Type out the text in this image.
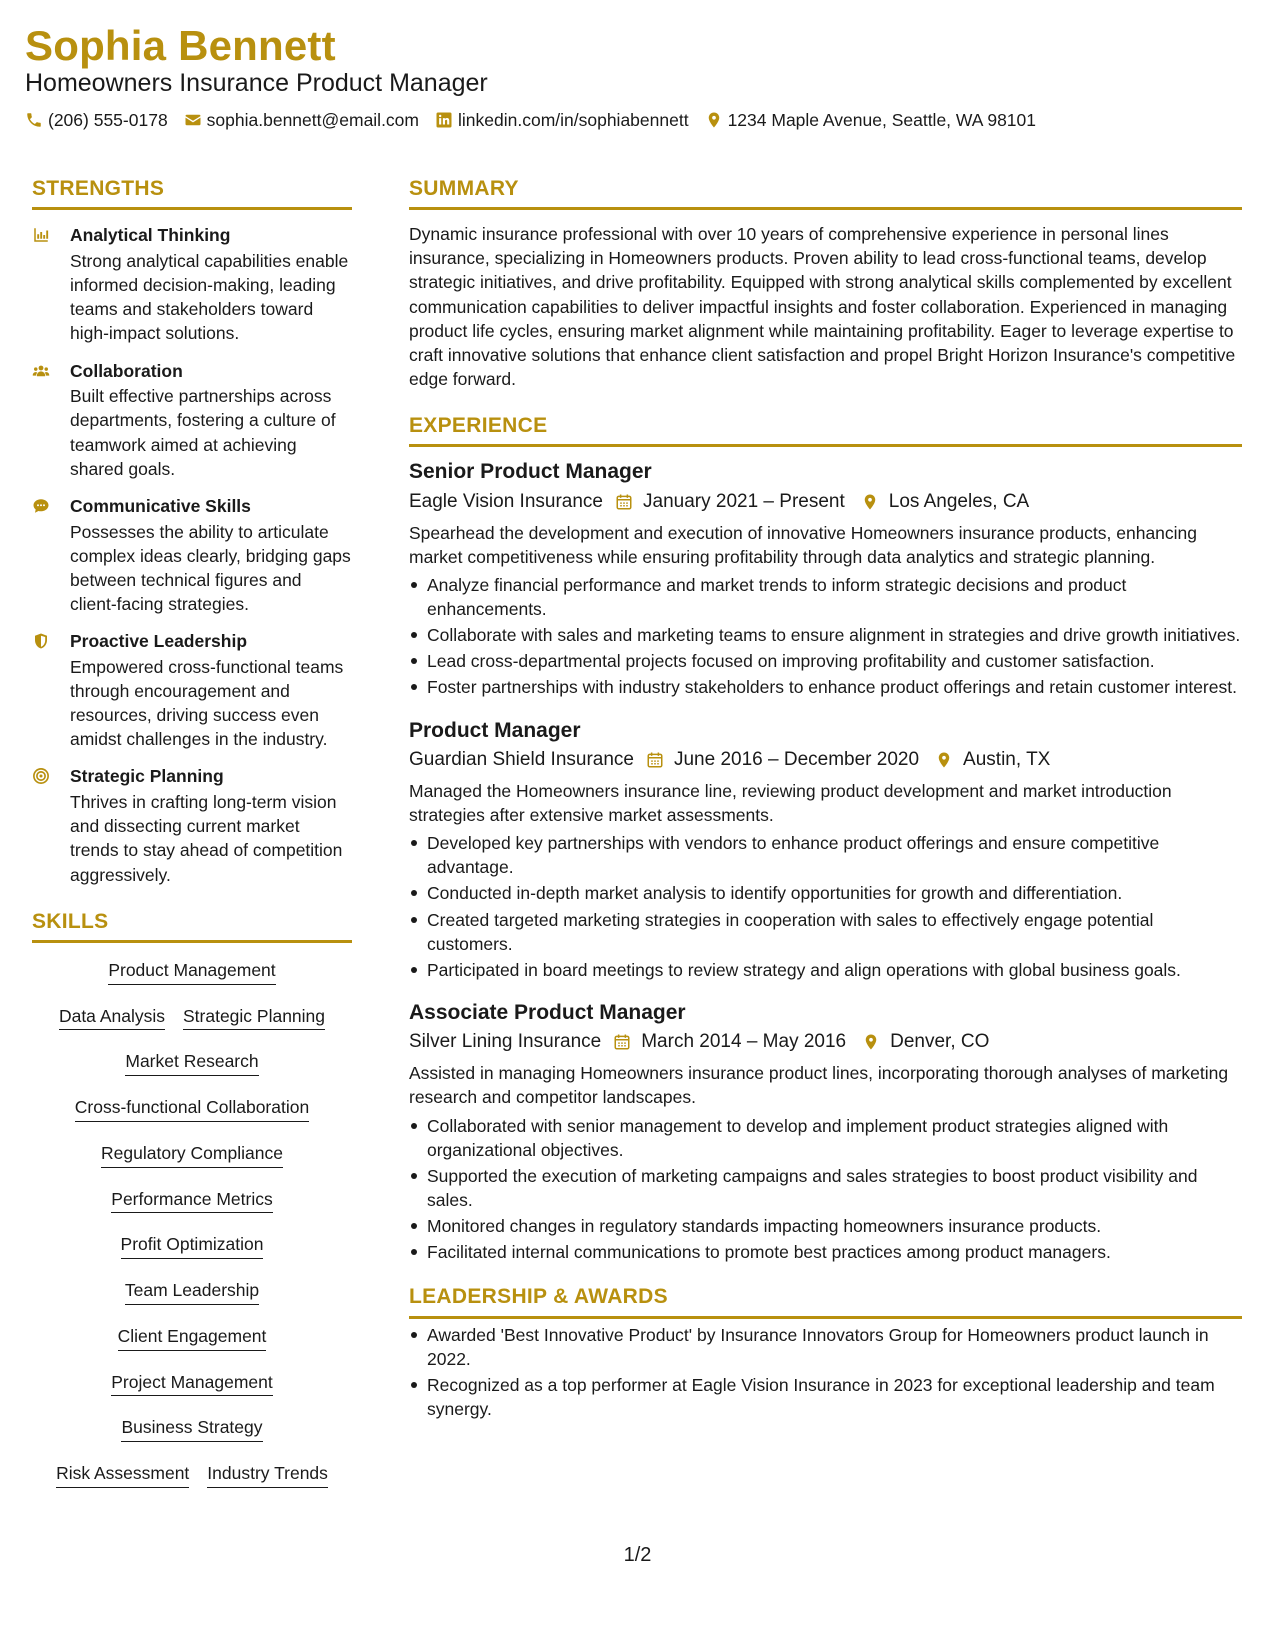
Sophia Bennett
Homeowners Insurance Product Manager
(206) 555-0178 sophia.bennett@email.com linkedin.com/in/sophiabennett 1234 Maple Avenue, Seattle, WA 98101
STRENGTHS
Analytical Thinking
Strong analytical capabilities enable informed decision-making, leading teams and stakeholders toward high-impact solutions.
Collaboration
Built effective partnerships across departments, fostering a culture of teamwork aimed at achieving shared goals.
Communicative Skills
Possesses the ability to articulate complex ideas clearly, bridging gaps between technical figures and client-facing strategies.
Proactive Leadership
Empowered cross-functional teams through encouragement and resources, driving success even amidst challenges in the industry.
Strategic Planning
Thrives in crafting long-term vision and dissecting current market trends to stay ahead of competition aggressively.
SKILLS
Product Management
Data Analysis Strategic Planning
Market Research
Cross-functional Collaboration
Regulatory Compliance
Performance Metrics
Profit Optimization
Team Leadership
Client Engagement
Project Management
Business Strategy
Risk Assessment Industry Trends
SUMMARY
Dynamic insurance professional with over 10 years of comprehensive experience in personal lines insurance, specializing in Homeowners products. Proven ability to lead cross-functional teams, develop strategic initiatives, and drive profitability. Equipped with strong analytical skills complemented by excellent communication capabilities to deliver impactful insights and foster collaboration. Experienced in managing product life cycles, ensuring market alignment while maintaining profitability. Eager to leverage expertise to craft innovative solutions that enhance client satisfaction and propel Bright Horizon Insurance's competitive edge forward.
EXPERIENCE
Senior Product Manager
Eagle Vision Insurance January 2021 – Present Los Angeles, CA
Spearhead the development and execution of innovative Homeowners insurance products, enhancing market competitiveness while ensuring profitability through data analytics and strategic planning.
Analyze financial performance and market trends to inform strategic decisions and product enhancements.
Collaborate with sales and marketing teams to ensure alignment in strategies and drive growth initiatives.
Lead cross-departmental projects focused on improving profitability and customer satisfaction.
Foster partnerships with industry stakeholders to enhance product offerings and retain customer interest.
Product Manager
Guardian Shield Insurance June 2016 – December 2020 Austin, TX
Managed the Homeowners insurance line, reviewing product development and market introduction strategies after extensive market assessments.
Developed key partnerships with vendors to enhance product offerings and ensure competitive advantage.
Conducted in-depth market analysis to identify opportunities for growth and differentiation.
Created targeted marketing strategies in cooperation with sales to effectively engage potential customers.
Participated in board meetings to review strategy and align operations with global business goals.
Associate Product Manager
Silver Lining Insurance March 2014 – May 2016 Denver, CO
Assisted in managing Homeowners insurance product lines, incorporating thorough analyses of marketing research and competitor landscapes.
Collaborated with senior management to develop and implement product strategies aligned with organizational objectives.
Supported the execution of marketing campaigns and sales strategies to boost product visibility and sales.
Monitored changes in regulatory standards impacting homeowners insurance products.
Facilitated internal communications to promote best practices among product managers.
LEADERSHIP & AWARDS
Awarded 'Best Innovative Product' by Insurance Innovators Group for Homeowners product launch in 2022.
Recognized as a top performer at Eagle Vision Insurance in 2023 for exceptional leadership and team synergy.
1/2
